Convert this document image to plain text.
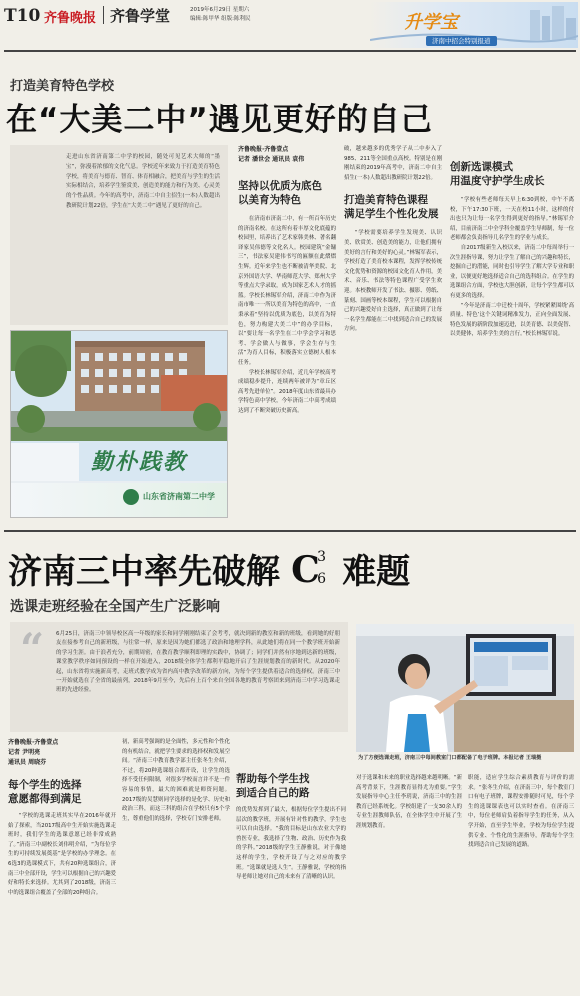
T10 齐鲁晚报 齐鲁学堂	2019年6月29日 星期六
编辑:陈甲华 组版:陈利民	升学宝
济南中招会特别报道
打造美育特色学校
在“大美二中”遇见更好的自己
走进山东省济南第二中学的校园，随处可见艺术大师的“墨宝”，弥漫着浓郁的文化气息。学校近年来致力于打造美育特色学校，将美育与德育、智育、体育相融合，把美育与学生的生活实际相结合，培养学生鉴赏美、创造美的能力和行为美、心灵美的个性品质。今年的高考中，济南二中自主招生(一本)人数超出教研院计划22倍，学生在“大美二中”遇见了更好的自己。
勤朴践教
山东省济南第二中学
齐鲁晚报·齐鲁壹点
记者 潘世会 通讯员 袁伟
坚持以优质为底色
以美育为特色

在济南市济南二中，有一所百年历史的济南名校。在这所有着丰厚文化底蕴的校园里，培养出了艺术家韩美林、著名翻译家吴伟德等文化名人。校园建筑“金镛三”，书法家吴建伟书写的匾额在此熠熠生辉。近年来学生也不断被清华美院、北京外国语大学、华南师范大学、郑州大学等重点大学录取，成为国家艺术人才的摇篮。学校长林锡军介绍，济南二中作为济南市唯一一所以美育为特色的高中，一直秉承着“坚持以优质为底色，以美育为特色，努力构建大美二中”的办学目标，以“要让每一名学生在二中学会学习和思考、学会做人与做事，学会生存与生活”为育人目标，积极落实立德树人根本任务。

学校长林锡军介绍，近几年学校高考成绩稳步提升，连续两年被评为“章丘区高考先进单位”。2018年度山东省最具办学特色高中学校，今年济南二中高考成绩达到了不断突破历史新高。

破，越来越多的优秀学子从二中步入了985、211等全国重点高校。特别是在刚刚结束的2019年高考中，济南二中自主招生(一本)人数超出教研院计划22倍。

打造美育特色课程
满足学生个性化发展

“学校需要培养学生发现美、认识美、欣赏美、创造美的能力，让他们拥有美好的言行和美好的心灵。”林锡军表示，学校打造了美育校本课程，发挥学校传统文化优势和资源的校园文化育人作用，美术、音乐、书法等特色课程广受学生欢迎。本校教师开发了书法、摄影、剪纸、篆刻、国画等校本课程，学生可以根据自己的兴趣爱好自主选择，真正做到了让每一名学生都能在二中找到适合自己的发展方向。

创新选课模式
用温度守护学生成长

“学校有些老师每天早上6:30到校，中午不离校，下午17:30下班，一天在校11小时，这样的付出也只为让每一名学生得到更好的指导。”林锡军介绍，目前济南二中全学科全覆盖学生导师制，每一位老师都会负责指导几名学生的学业与成长。

自2017级新生入校以来，济南二中每周举行一次生涯指导课，努力让学生了解自己的兴趣和特长，挖掘自己的潜能，同时也引导学生了解大学专业和职业，以便更好地选择适合自己的选科组合。在学生的选课组合方面，学校也大胆创新，让每个学生都可以有更多的选择。

“今年是济南二中迁校十周年，学校紧紧围绕‘高质量、特色’这个关键词精准发力，正向全面发展、特色发展的新阶段加速迈进，以美育德、以美促智、以美健体，培养学生美的言行。”校长林锡军说。

济南三中率先破解 C
3
6 难题
选课走班经验在全国产生广泛影响
“ 6月25日，济南三中领导校区高一年级的家长和同学刚刚结束了会考考，就决到新的教室和新的班级，看到她的好朋友在接参考自己的新班级，与往常一样，原来是因为她们都选了政治和地理学科，从此她们将在同一个教学班开始新的学习生涯。由于浪者充分，前期周密，在教育教学顺利即理的实践中，协调了；同学们并然有序地到达新的班级，课堂教学秩序如同预设的一样在开始进入，2018级全体学生都利平稳地开启了生涯规划教育的新时代。从2020年起，山东省将实施新高考，走班式教学成为省内高中教学改革的新方向，为每个学生提供着适合的选择权。济南三中一开始就选在了全省的最前列，2018年9月至今，先后有上百个来自全国各地的教育考察团来到济南三中学习选课走班的先进经验。
为了方便选课走班，济南三中每间教室门口都配备了电子班牌。本报记者 王瑞摄
齐鲁晚报·齐鲁壹点
记者 尹明亮
通讯员 周晓芬
每个学生的选择
意愿都得到满足

“学校的选课走班其实早在2016年就开始了探索，当2017级高中生开始实施选课走班时，我们学生的选课意愿已经非常成熟了。”济南三中副校长刘伟明介绍，“为每位学生的可持续发展奠基”是学校的办学理念。在6选3的选课模式下，共有20种选课组合，济南三中全部开设，学生可以根据自己的兴趣爱好和特长来选择。尤其到了2018级，济南三中的选课组合覆盖了全部的20种组合。

初，新高考强调的是全面性，多元性和个性化的有机结合，就把学生要求的选择权和发展空间。“济南三中教育教学部主任张冬生介绍，不过，将20种选课组合都开设，让学生的选择不受任何限制，对很多学校而言并不是一件容易的事情，最大的困难就是师资问题。2017级的吴慧则同学选择的是化学、历史和政治三科，而这三科的组合在学校只有5个学生，尊重他们的选择，学校专门安排老师。

帮助每个学生找
到适合自己的路

的优势发挥到了最大，根据每位学生提出不同层次的教学班，开展有针对性的教学，学生也可以自由选择。“我的目标是山东农业大学的兽医专业，我选择了生物、政治、历史作为我的学科。”2018级的学生王静雅说，对于像她这样的学生，学校开设了与之对应的教学班。“选课就是选人生”。王静雅说，学校的指导老师让她对自己的未来有了清晰的认识。

对于选课和未来的职业选择越来越明晰。“新高考背景下，生涯教育显得尤为重要。”学生发展指导中心主任李玥说，济南三中的生涯教育已经系统化。学校组建了一支30余人的专业生涯教师队伍，在全体学生中开展了生涯规划教育。

职能，适应学生综合素质教育与评价的需求。“张冬生介绍，在济南三中，每个教室门口有电子班牌，课程安排随时可见，每个学生的选课课表也可以实时查看。在济南三中，每位老师肩负着指导学生的任务，从入学开始，直至学生毕业，学校为每位学生提供专业、个性化的生涯指导，帮助每个学生找到适合自己发展的道路。
